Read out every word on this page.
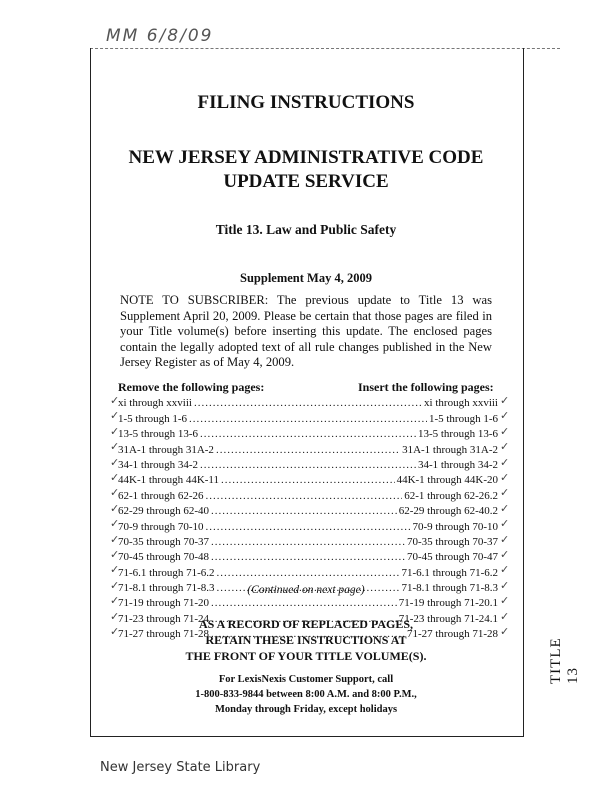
MM 6/8/09
FILING INSTRUCTIONS
NEW JERSEY ADMINISTRATIVE CODE
UPDATE SERVICE
Title 13. Law and Public Safety
Supplement May 4, 2009
NOTE TO SUBSCRIBER: The previous update to Title 13 was Supplement April 20, 2009. Please be certain that those pages are filed in your Title volume(s) before inserting this update. The enclosed pages contain the legally adopted text of all rule changes published in the New Jersey Register as of May 4, 2009.
Remove the following pages:	Insert the following pages:
xi through xxviii .....	xi through xxviii
1-5 through 1-6 .....	1-5 through 1-6
13-5 through 13-6 .....	13-5 through 13-6
31A-1 through 31A-2 .....	31A-1 through 31A-2
34-1 through 34-2 .....	34-1 through 34-2
44K-1 through 44K-11 .....	44K-1 through 44K-20
62-1 through 62-26 .....	62-1 through 62-26.2
62-29 through 62-40 .....	62-29 through 62-40.2
70-9 through 70-10 .....	70-9 through 70-10
70-35 through 70-37 .....	70-35 through 70-37
70-45 through 70-48 .....	70-45 through 70-47
71-6.1 through 71-6.2 .....	71-6.1 through 71-6.2
71-8.1 through 71-8.3 .....	71-8.1 through 71-8.3
71-19 through 71-20 .....	71-19 through 71-20.1
71-23 through 71-24 .....	71-23 through 71-24.1
71-27 through 71-28 .....	71-27 through 71-28
(Continued on next page)
AS A RECORD OF REPLACED PAGES,
RETAIN THESE INSTRUCTIONS AT
THE FRONT OF YOUR TITLE VOLUME(S).
For LexisNexis Customer Support, call
1-800-833-9844 between 8:00 A.M. and 8:00 P.M.,
Monday through Friday, except holidays
TITLE 13
New Jersey State Library
✓	✓
✓	✓
✓	✓
✓	✓
✓	✓
✓	✓
✓	✓
✓	✓
✓	✓
✓	✓
✓	✓
✓	✓
✓	✓
✓	✓
✓	✓
✓	✓
